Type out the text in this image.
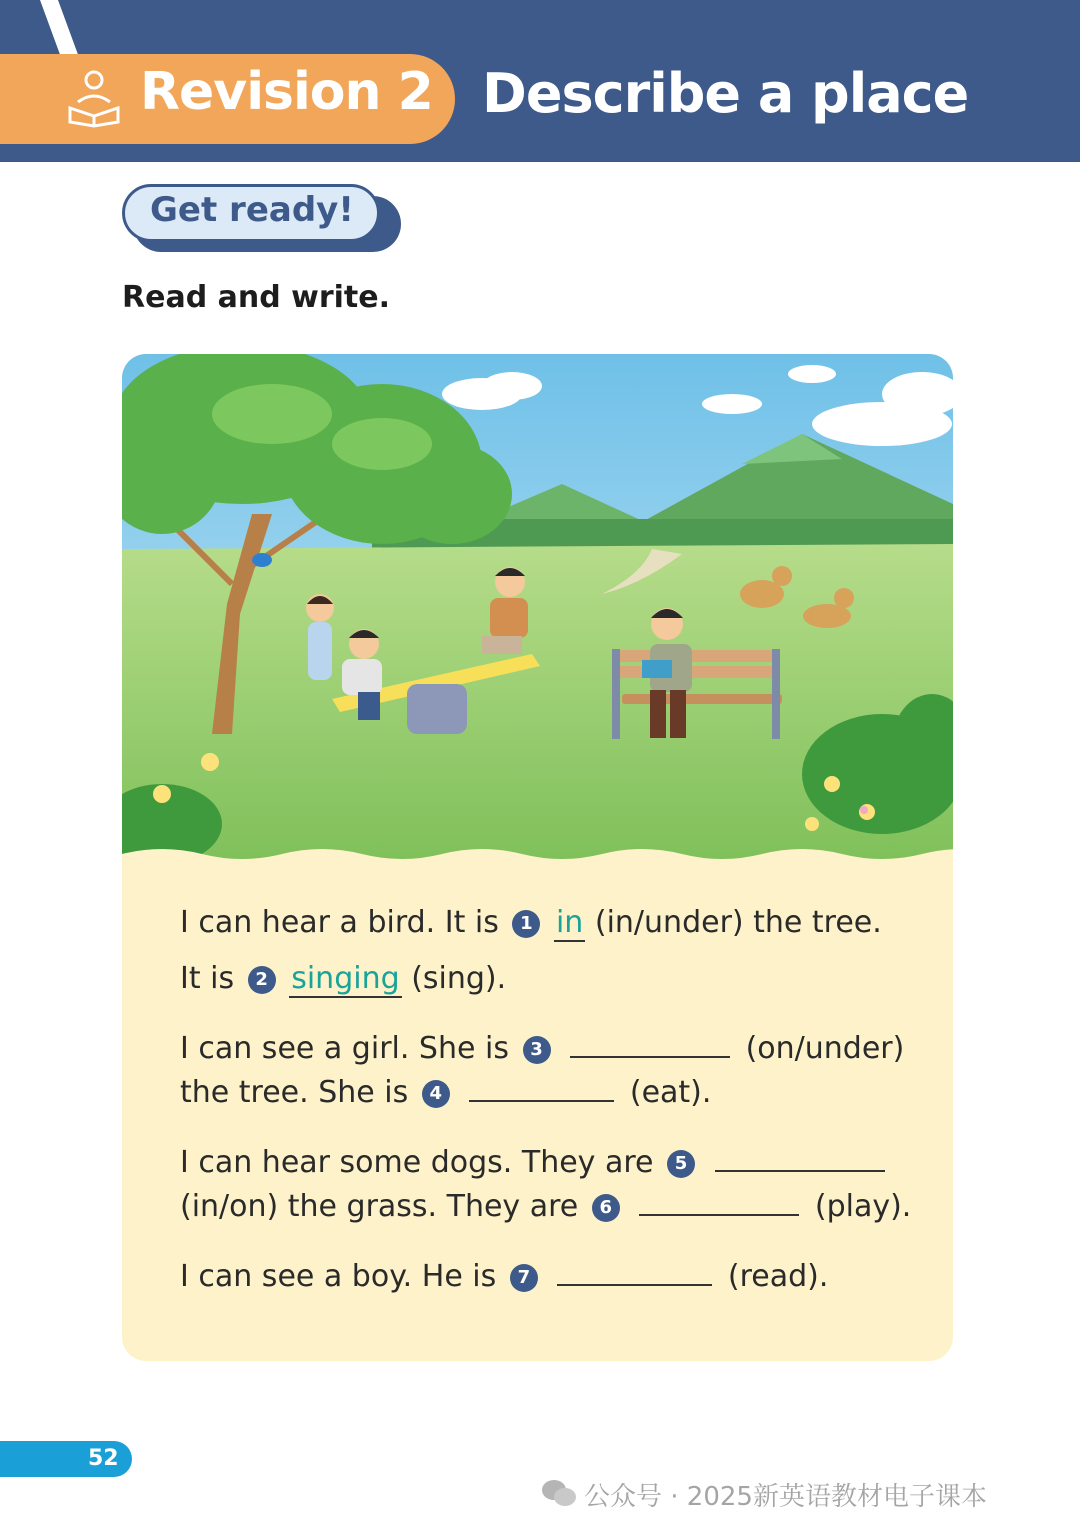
Revision 2 Describe a place
Get ready!
Read and write.
I can hear a bird. It is 1 in (in/under) the tree.
It is 2 singing (sing).
I can see a girl. She is 3	(on/under)
the tree. She is 4	(eat).
I can hear some dogs. They are 5
(in/on) the grass. They are 6	(play).
I can see a boy. He is 7	(read).
52
公众号 · 2025新英语教材电子课本
